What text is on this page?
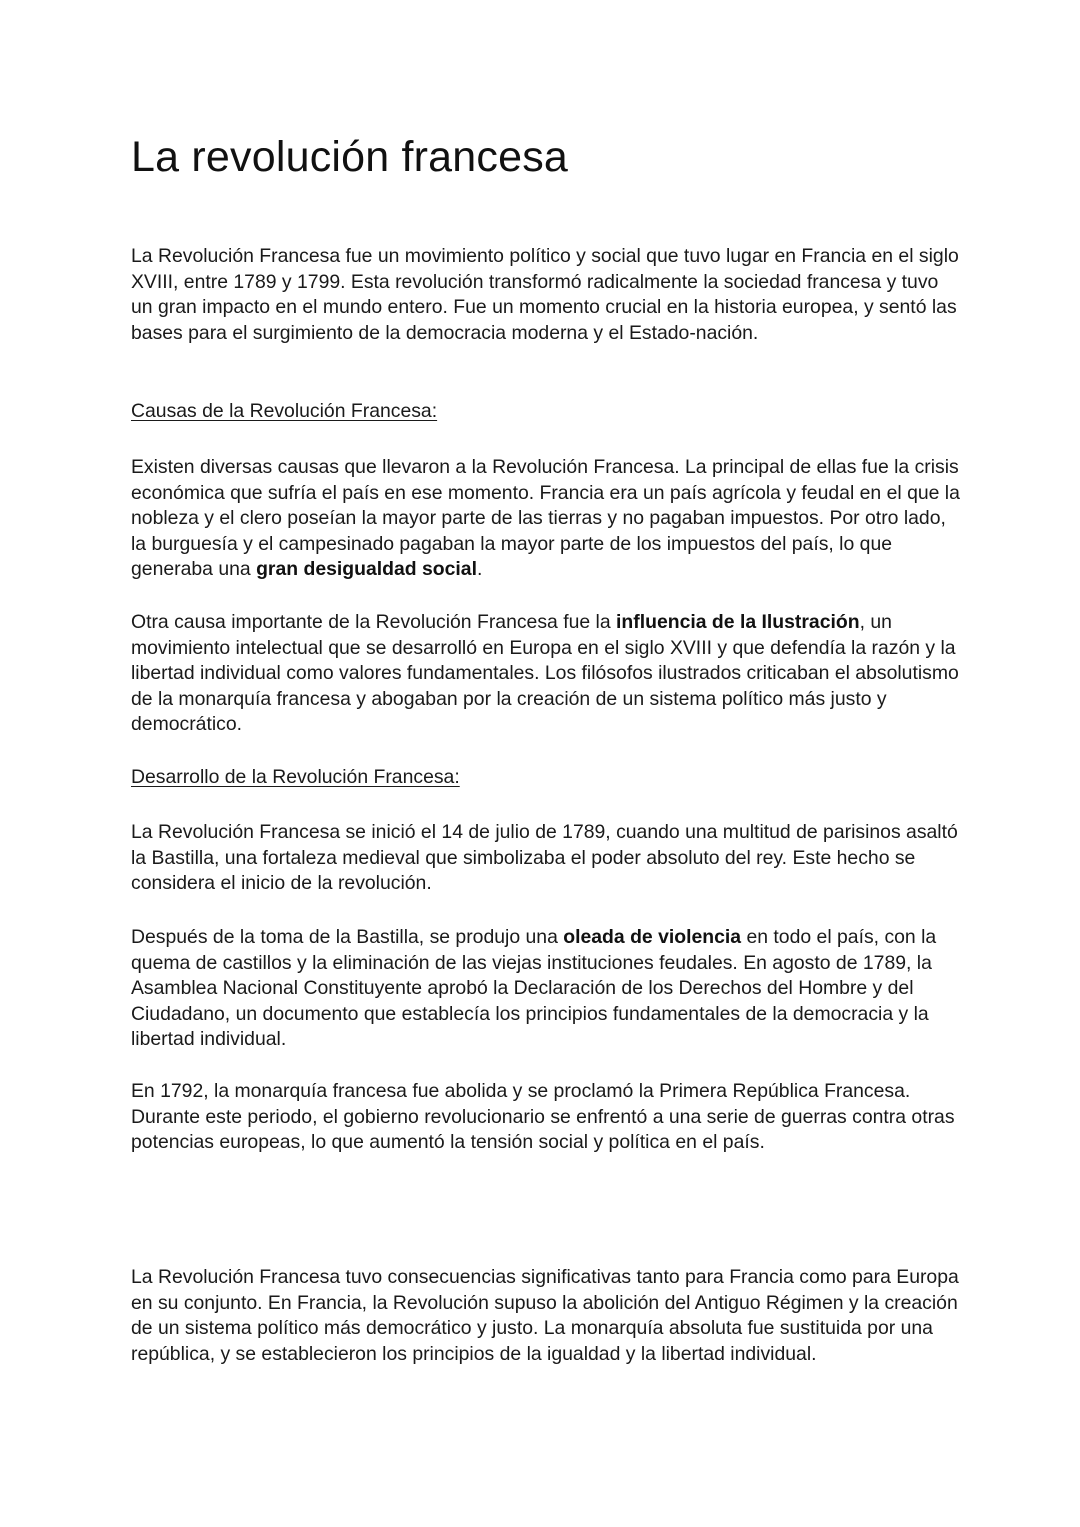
La revolución francesa

La Revolución Francesa fue un movimiento político y social que tuvo lugar en Francia en el siglo XVIII, entre 1789 y 1799. Esta revolución transformó radicalmente la sociedad francesa y tuvo un gran impacto en el mundo entero. Fue un momento crucial en la historia europea, y sentó las bases para el surgimiento de la democracia moderna y el Estado-nación.

Causas de la Revolución Francesa:

Existen diversas causas que llevaron a la Revolución Francesa. La principal de ellas fue la crisis económica que sufría el país en ese momento. Francia era un país agrícola y feudal en el que la nobleza y el clero poseían la mayor parte de las tierras y no pagaban impuestos. Por otro lado, la burguesía y el campesinado pagaban la mayor parte de los impuestos del país, lo que generaba una gran desigualdad social.

Otra causa importante de la Revolución Francesa fue la influencia de la Ilustración, un movimiento intelectual que se desarrolló en Europa en el siglo XVIII y que defendía la razón y la libertad individual como valores fundamentales. Los filósofos ilustrados criticaban el absolutismo de la monarquía francesa y abogaban por la creación de un sistema político más justo y democrático.

Desarrollo de la Revolución Francesa:

La Revolución Francesa se inició el 14 de julio de 1789, cuando una multitud de parisinos asaltó la Bastilla, una fortaleza medieval que simbolizaba el poder absoluto del rey. Este hecho se considera el inicio de la revolución.

Después de la toma de la Bastilla, se produjo una oleada de violencia en todo el país, con la quema de castillos y la eliminación de las viejas instituciones feudales. En agosto de 1789, la Asamblea Nacional Constituyente aprobó la Declaración de los Derechos del Hombre y del Ciudadano, un documento que establecía los principios fundamentales de la democracia y la libertad individual.

En 1792, la monarquía francesa fue abolida y se proclamó la Primera República Francesa. Durante este periodo, el gobierno revolucionario se enfrentó a una serie de guerras contra otras potencias europeas, lo que aumentó la tensión social y política en el país.

La Revolución Francesa tuvo consecuencias significativas tanto para Francia como para Europa en su conjunto. En Francia, la Revolución supuso la abolición del Antiguo Régimen y la creación de un sistema político más democrático y justo. La monarquía absoluta fue sustituida por una república, y se establecieron los principios de la igualdad y la libertad individual.
